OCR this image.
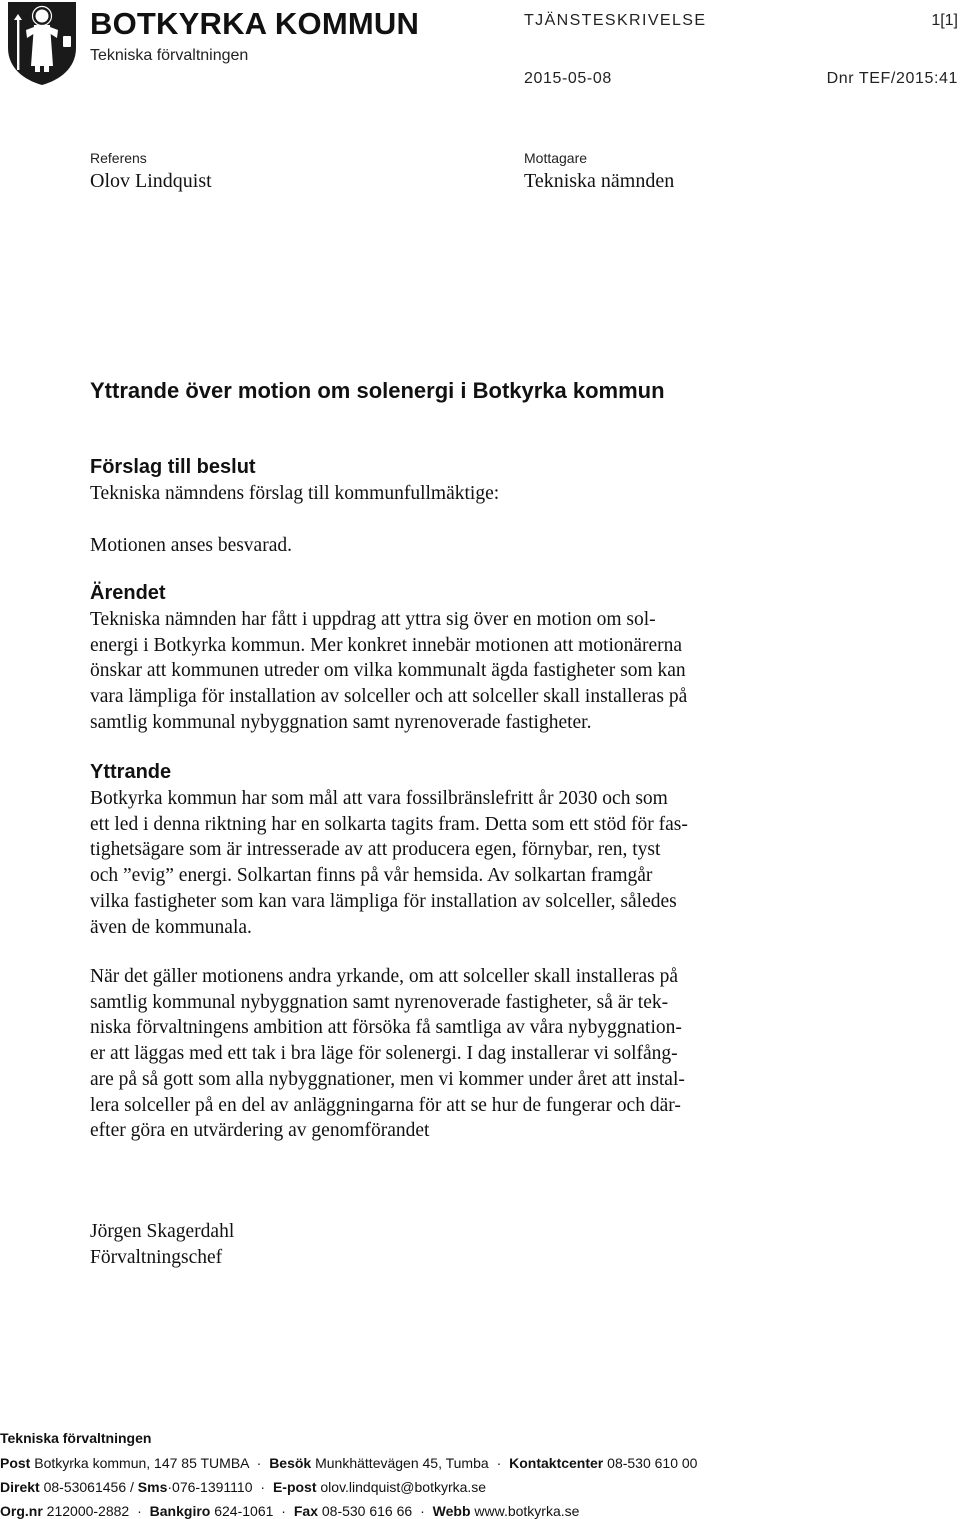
BOTKYRKA KOMMUN
Tekniska förvaltningen
TJÄNSTESKRIVELSE	1[1]
2015-05-08	Dnr TEF/2015:41
Referens
Olov Lindquist
Mottagare
Tekniska nämnden
Yttrande över motion om solenergi i Botkyrka kommun
Förslag till beslut

Tekniska nämndens förslag till kommunfullmäktige:

Motionen anses besvarad.

Ärendet

Tekniska nämnden har fått i uppdrag att yttra sig över en motion om sol-

energi i Botkyrka kommun. Mer konkret innebär motionen att motionärerna

önskar att kommunen utreder om vilka kommunalt ägda fastigheter som kan

vara lämpliga för installation av solceller och att solceller skall installeras på

samtlig kommunal nybyggnation samt nyrenoverade fastigheter.

Yttrande

Botkyrka kommun har som mål att vara fossilbränslefritt år 2030 och som

ett led i denna riktning har en solkarta tagits fram. Detta som ett stöd för fas-

tighetsägare som är intresserade av att producera egen, förnybar, ren, tyst

och ”evig” energi. Solkartan finns på vår hemsida. Av solkartan framgår

vilka fastigheter som kan vara lämpliga för installation av solceller, således

även de kommunala.

När det gäller motionens andra yrkande, om att solceller skall installeras på

samtlig kommunal nybyggnation samt nyrenoverade fastigheter, så är tek-

niska förvaltningens ambition att försöka få samtliga av våra nybyggnation-

er att läggas med ett tak i bra läge för solenergi. I dag installerar vi solfång-

are på så gott som alla nybyggnationer, men vi kommer under året att instal-

lera solceller på en del av anläggningarna för att se hur de fungerar och där-

efter göra en utvärdering av genomförandet

Jörgen Skagerdahl

Förvaltningschef

Tekniska förvaltningen
Post Botkyrka kommun, 147 85 TUMBA · Besök Munkhättevägen 45, Tumba · Kontaktcenter 08-530 610 00
Direkt 08-53061456 / Sms·076-1391110 · E-post olov.lindquist@botkyrka.se
Org.nr 212000-2882 · Bankgiro 624-1061 · Fax 08-530 616 66 · Webb www.botkyrka.se
